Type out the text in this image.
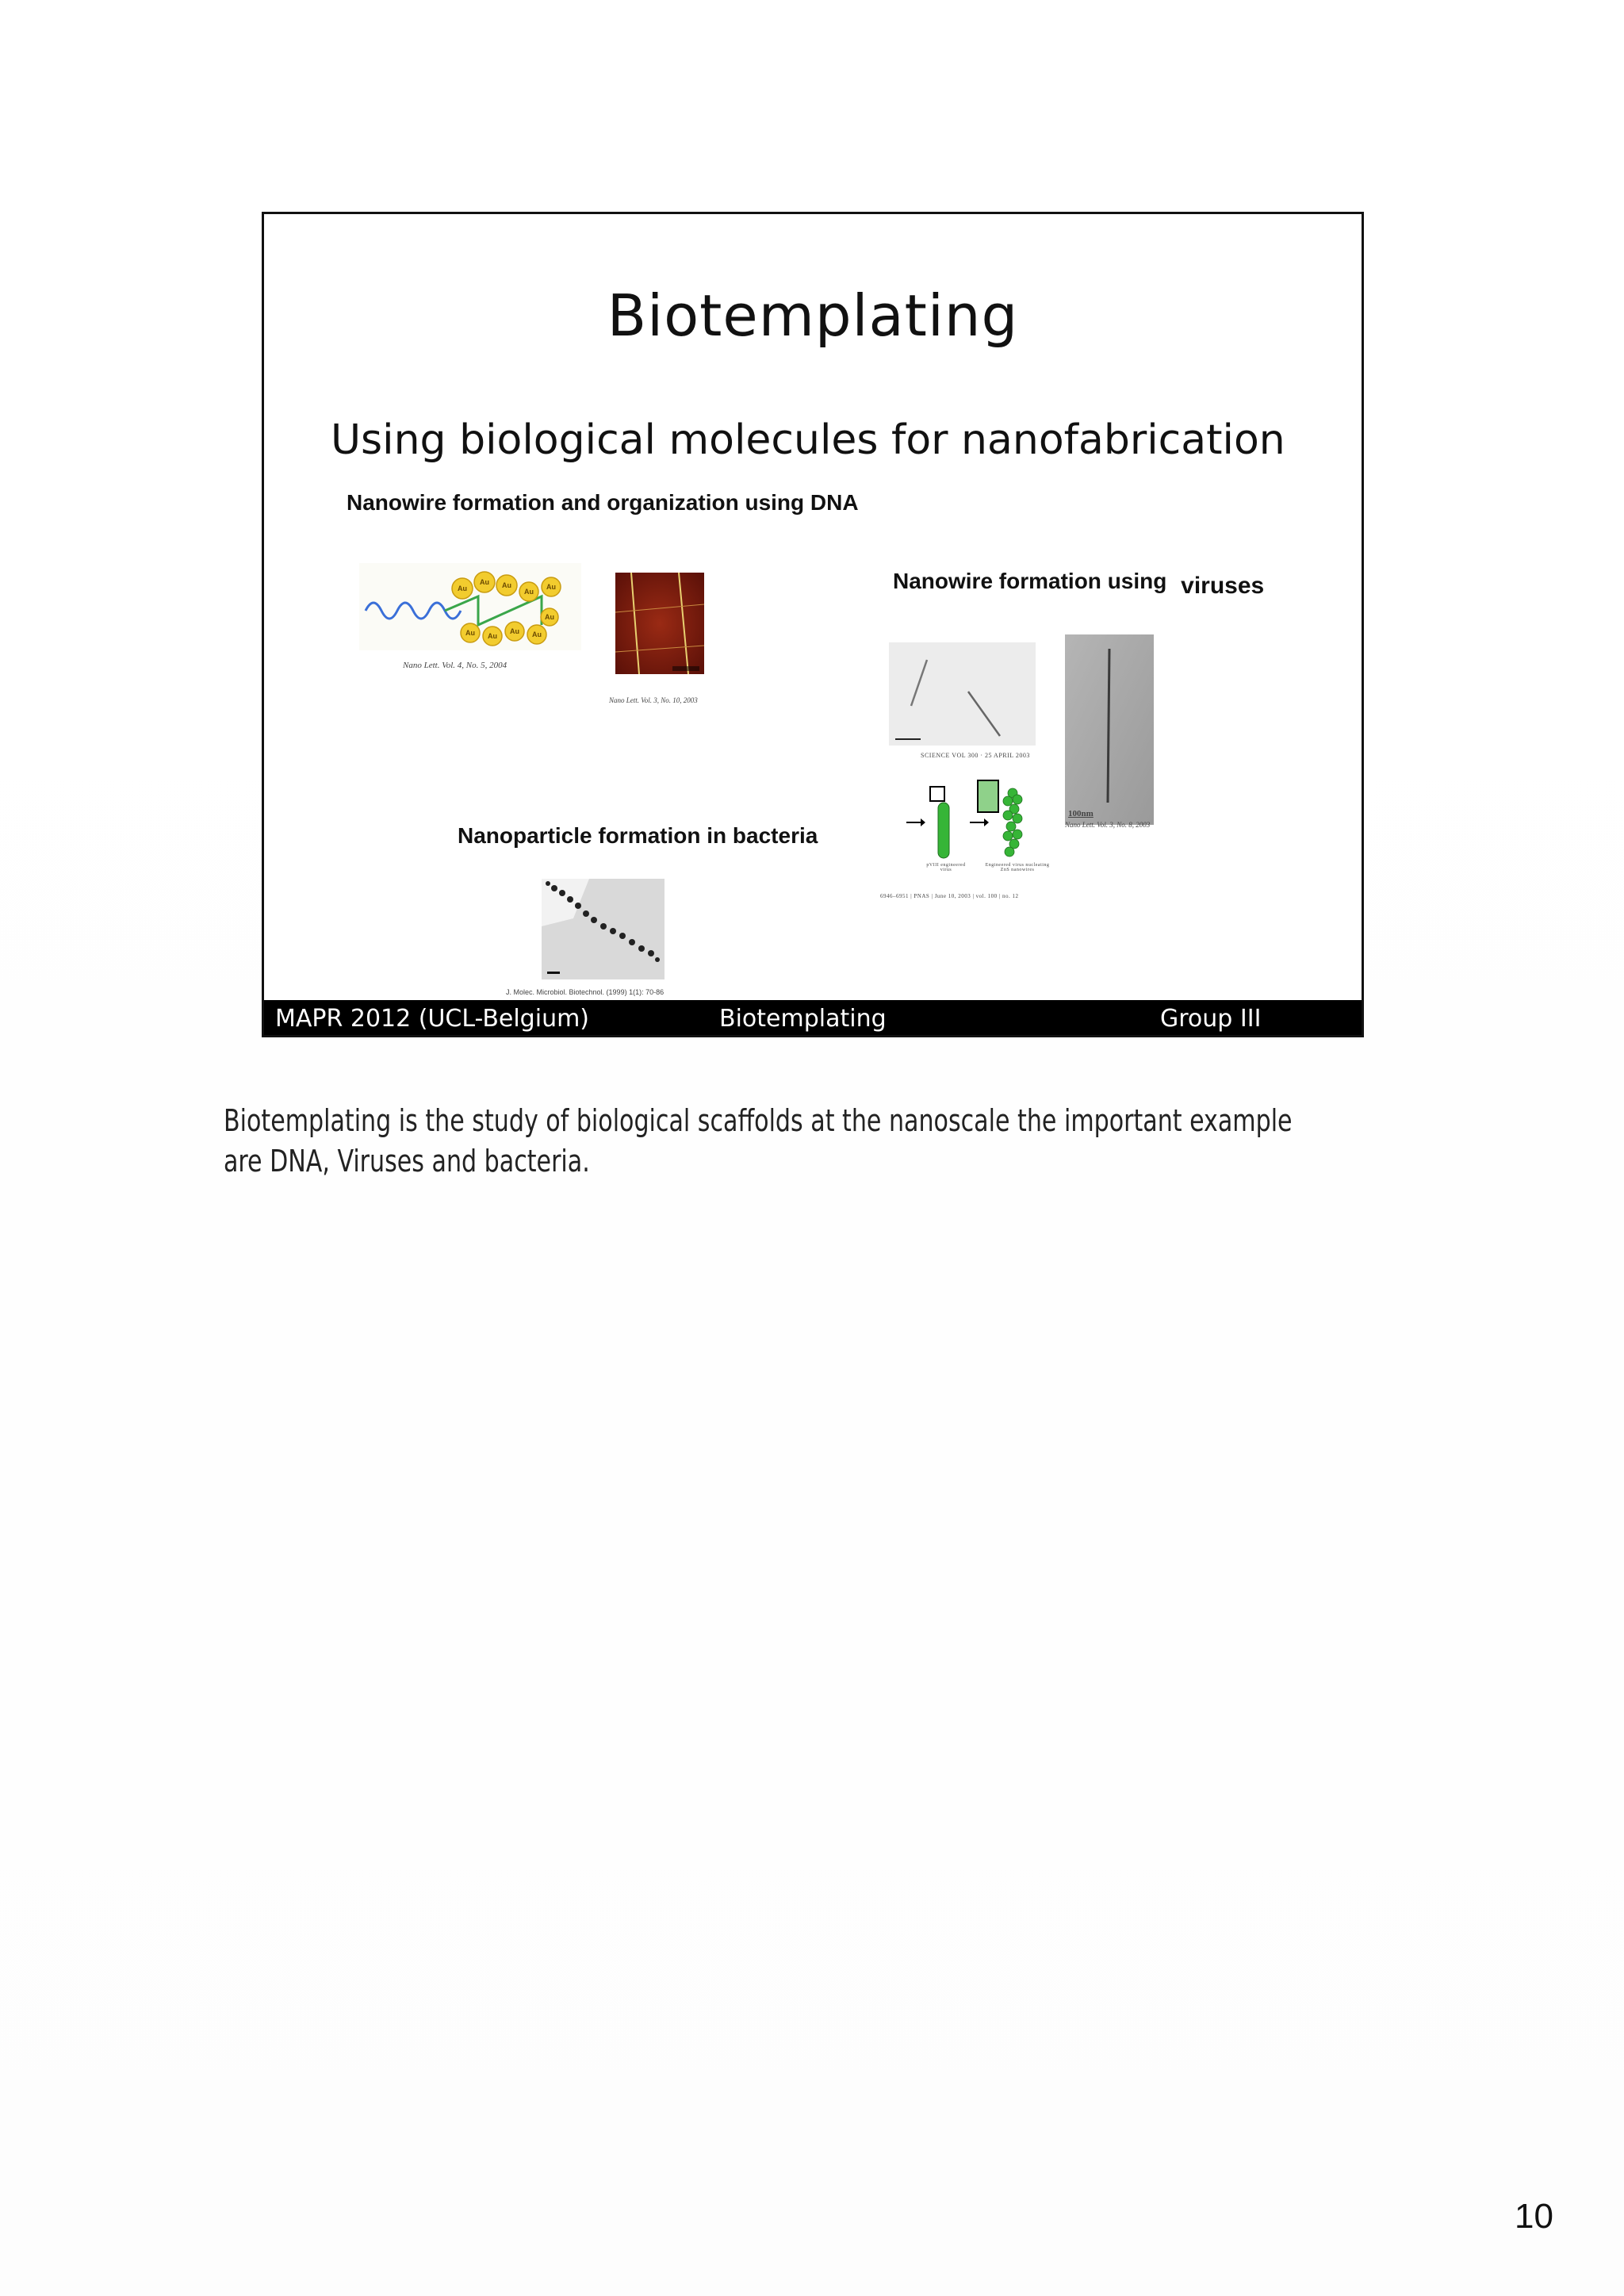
Biotemplating
Using biological molecules for nanofabrication
Nanowire formation and organization using DNA
Au
Au Au
Au
Au
Au Au
Au Au
Au
Nano Lett. Vol. 4, No. 5, 2004
Nano Lett. Vol. 3, No. 10, 2003
Nanowire formation using viruses
SCIENCE VOL 300 · 25 APRIL 2003
100nm
Nano Lett. Vol. 3, No. 8, 2003
pVIII engineered virus
Engineered virus nucleating ZnS nanowires
6946–6951 | PNAS | June 10, 2003 | vol. 100 | no. 12
Nanoparticle formation in bacteria
J. Molec. Microbiol. Biotechnol. (1999) 1(1): 70-86
MAPR 2012 (UCL-Belgium)	Biotemplating	Group III
Biotemplating is the study of biological scaffolds at the nanoscale the important example
are DNA, Viruses and bacteria.
10
